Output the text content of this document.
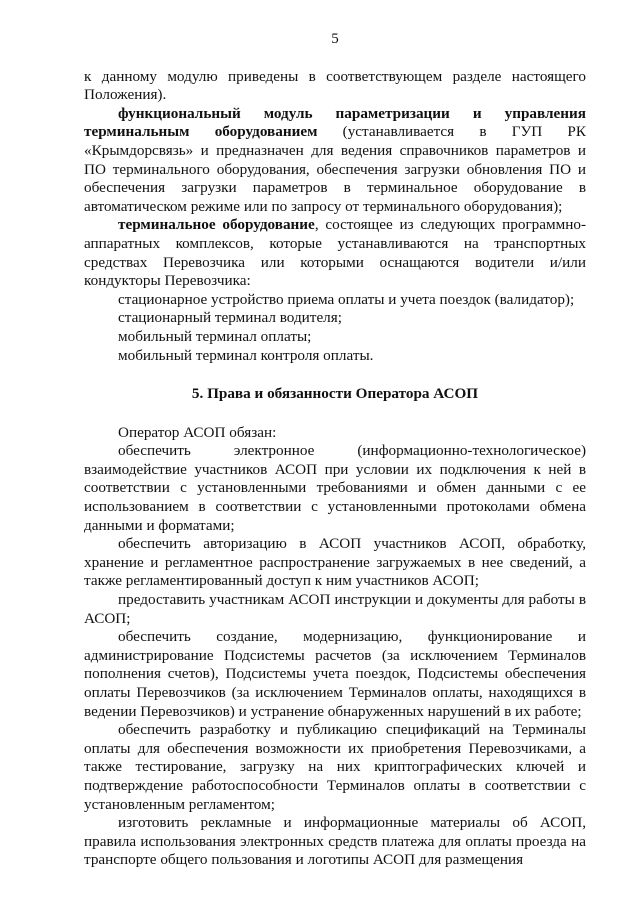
5

к данному модулю приведены в соответствующем разделе настоящего Положения).

функциональный модуль параметризации и управления терминальным оборудованием (устанавливается в ГУП РК «Крымдорсвязь» и предназначен для ведения справочников параметров и ПО терминального оборудования, обеспечения загрузки обновления ПО и обеспечения загрузки параметров в терминальное оборудование в автоматическом режиме или по запросу от терминального оборудования);

терминальное оборудование, состоящее из следующих программно-аппаратных комплексов, которые устанавливаются на транспортных средствах Перевозчика или которыми оснащаются водители и/или кондукторы Перевозчика:

стационарное устройство приема оплаты и учета поездок (валидатор);

стационарный терминал водителя;

мобильный терминал оплаты;

мобильный терминал контроля оплаты.

5. Права и обязанности Оператора АСОП

Оператор АСОП обязан:

обеспечить электронное (информационно-технологическое) взаимодействие участников АСОП при условии их подключения к ней в соответствии с установленными требованиями и обмен данными с ее использованием в соответствии с установленными протоколами обмена данными и форматами;

обеспечить авторизацию в АСОП участников АСОП, обработку, хранение и регламентное распространение загружаемых в нее сведений, а также регламентированный доступ к ним участников АСОП;

предоставить участникам АСОП инструкции и документы для работы в АСОП;

обеспечить создание, модернизацию, функционирование и администрирование Подсистемы расчетов (за исключением Терминалов пополнения счетов), Подсистемы учета поездок, Подсистемы обеспечения оплаты Перевозчиков (за исключением Терминалов оплаты, находящихся в ведении Перевозчиков) и устранение обнаруженных нарушений в их работе;

обеспечить разработку и публикацию спецификаций на Терминалы оплаты для обеспечения возможности их приобретения Перевозчиками, а также тестирование, загрузку на них криптографических ключей и подтверждение работоспособности Терминалов оплаты в соответствии с установленным регламентом;

изготовить рекламные и информационные материалы об АСОП, правила использования электронных средств платежа для оплаты проезда на транспорте общего пользования и логотипы АСОП для размещения
